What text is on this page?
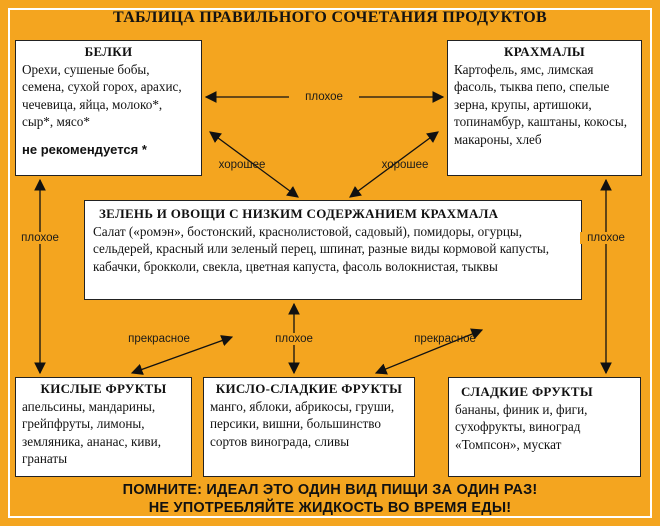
ТАБЛИЦА ПРАВИЛЬНОГО СОЧЕТАНИЯ ПРОДУКТОВ
БЕЛКИ
Орехи, сушеные бобы, семена, сухой горох, арахис, чечевица, яйца, молоко*, сыр*, мясо*
не рекомендуется *
КРАХМАЛЫ
Картофель, ямс, лимская фасоль, тыква пепо, спелые зерна, крупы, артишоки, топинамбур, каштаны, кокосы, макароны, хлеб
ЗЕЛЕНЬ И ОВОЩИ С НИЗКИМ СОДЕРЖАНИЕМ КРАХМАЛА
Салат («ромэн», бостонский, краснолистовой, садовый), помидоры, огурцы, сельдерей, красный или зеленый перец, шпинат, разные виды кормовой капусты, кабачки, брокколи, свекла, цветная капуста, фасоль волокнистая, тыквы
КИСЛЫЕ ФРУКТЫ
апельсины, мандарины, грейпфруты, лимоны, земляника, ананас, киви, гранаты
КИСЛО-СЛАДКИЕ ФРУКТЫ
манго, яблоки, абрикосы, груши, персики, вишни, большинство сортов винограда, сливы
СЛАДКИЕ ФРУКТЫ
бананы, финик и, фиги, сухофрукты, виноград «Томпсон», мускат
плохое
хорошее	хорошее
плохое	плохое
плохое
прекрасное	прекрасное
ПОМНИТЕ: ИДЕАЛ ЭТО ОДИН ВИД ПИЩИ ЗА ОДИН РАЗ!
НЕ УПОТРЕБЛЯЙТЕ ЖИДКОСТЬ ВО ВРЕМЯ ЕДЫ!
